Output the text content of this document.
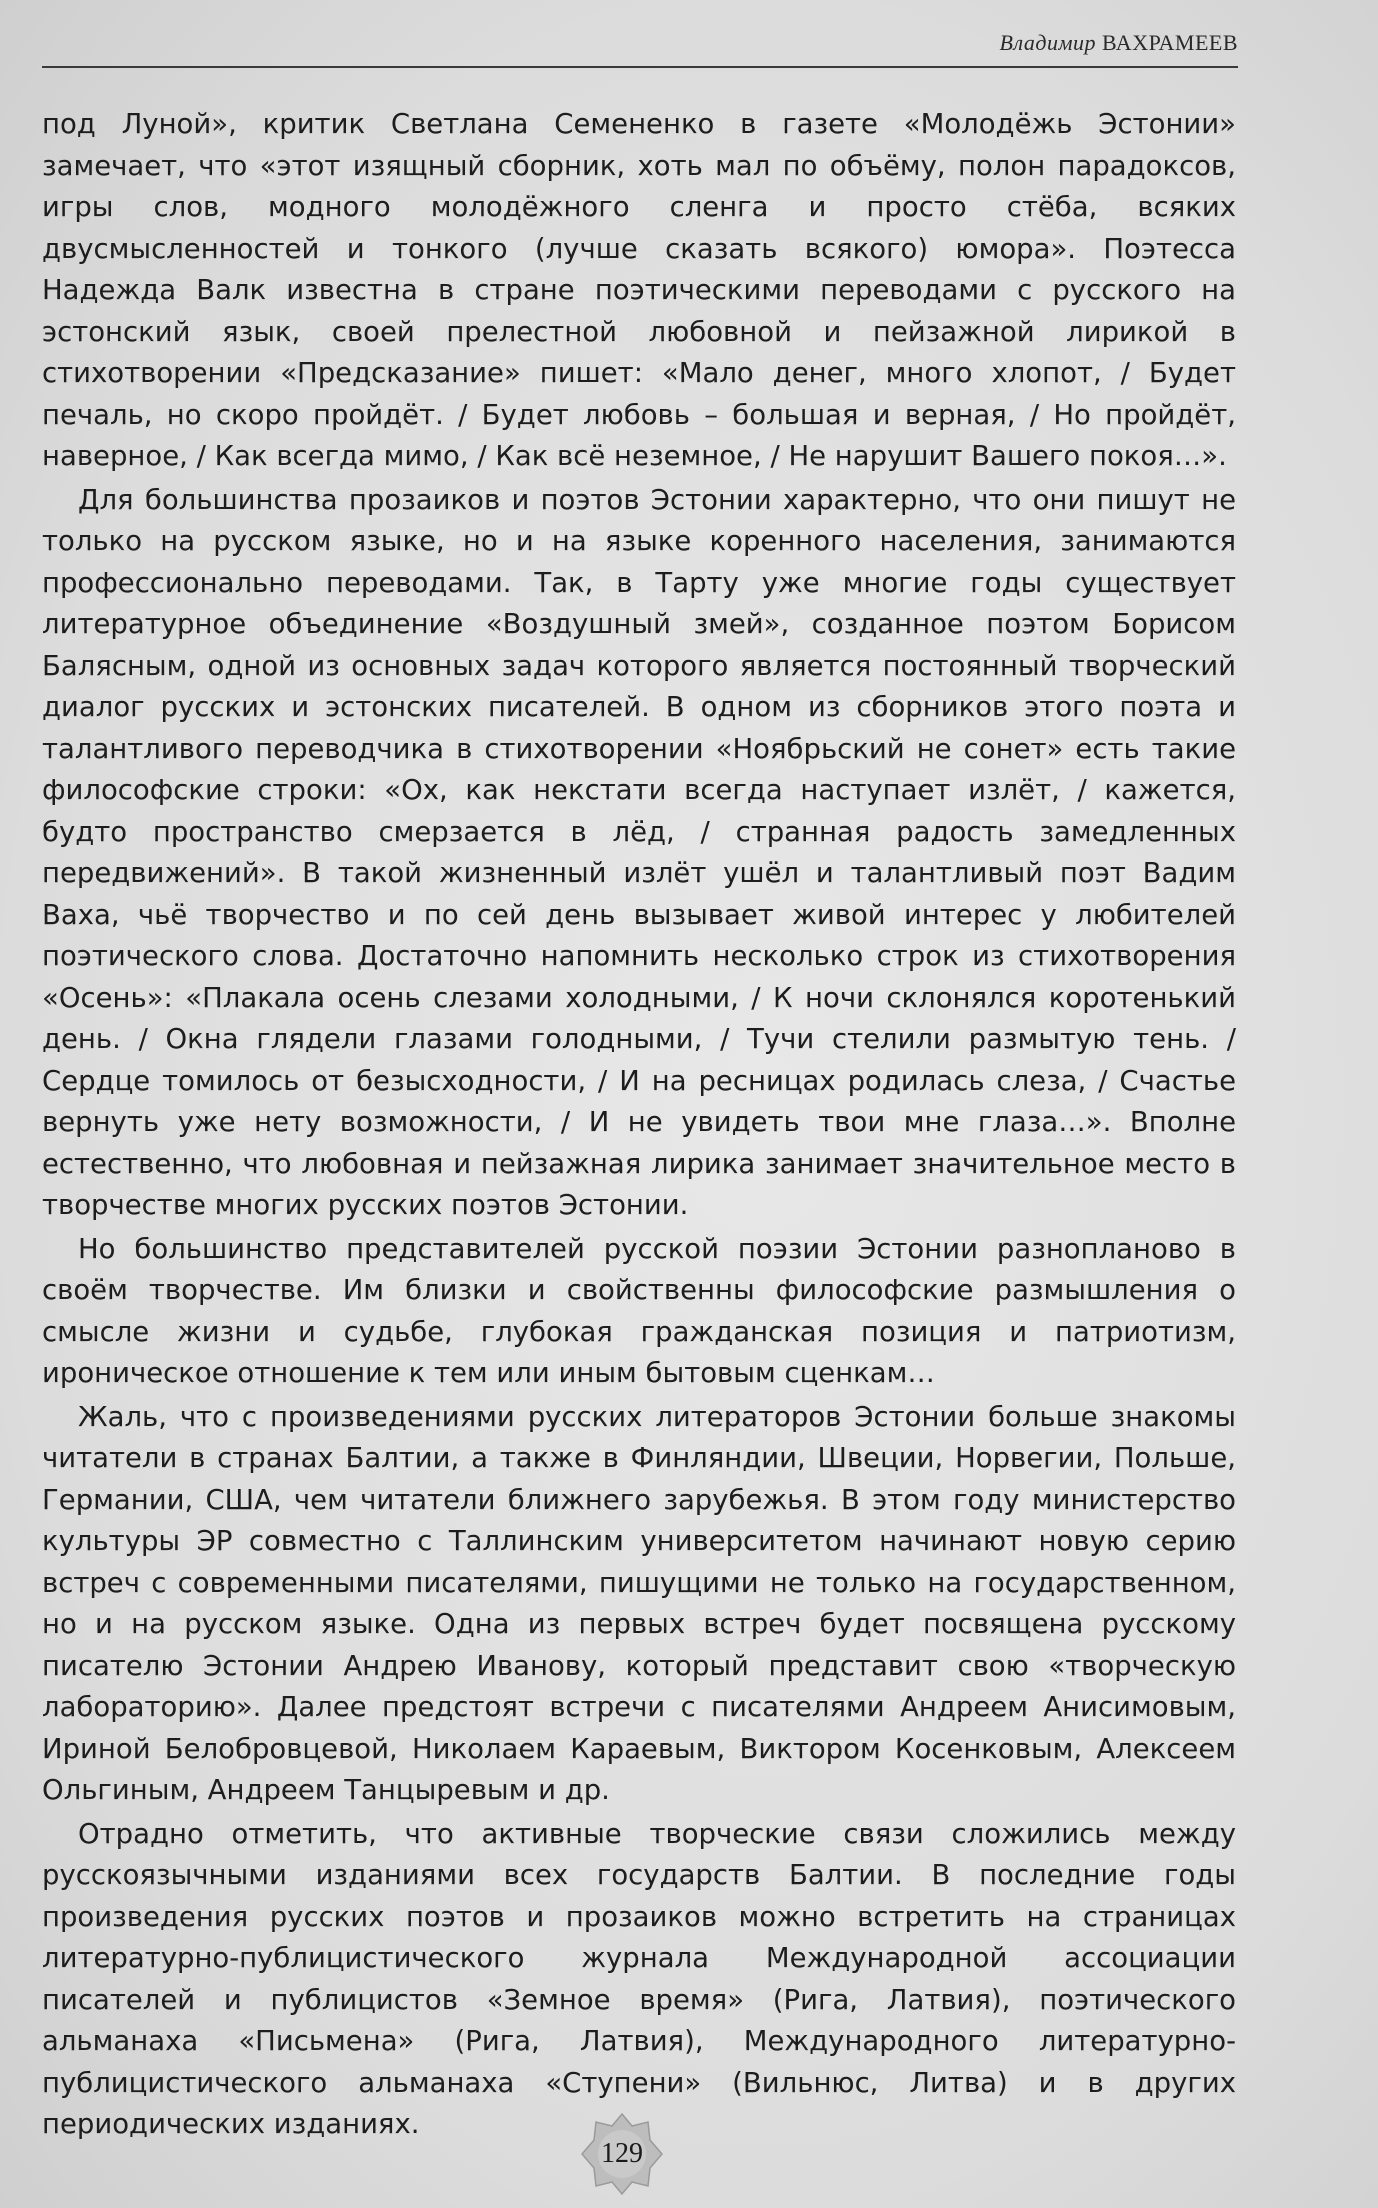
Владимир ВАХРАМЕЕВ

под Луной», критик Светлана Семененко в газете «Молодёжь Эстонии» замечает, что «этот изящный сборник, хоть мал по объёму, полон парадоксов, игры слов, модного молодёжного сленга и просто стёба, всяких двусмысленностей и тонкого (лучше сказать всякого) юмора». Поэтесса Надежда Валк известна в стране поэтическими переводами с русского на эстонский язык, своей прелестной любовной и пейзажной лирикой в стихотворении «Предсказание» пишет: «Мало денег, много хлопот, / Будет печаль, но скоро пройдёт. / Будет любовь – большая и верная, / Но пройдёт, наверное, / Как всегда мимо, / Как всё неземное, / Не нарушит Вашего покоя…».

Для большинства прозаиков и поэтов Эстонии характерно, что они пишут не только на русском языке, но и на языке коренного населения, занимаются профессионально переводами. Так, в Тарту уже многие годы существует литературное объединение «Воздушный змей», созданное поэтом Борисом Балясным, одной из основных задач которого является постоянный творческий диалог русских и эстонских писателей. В одном из сборников этого поэта и талантливого переводчика в стихотворении «Ноябрьский не сонет» есть такие философские строки: «Ох, как некстати всегда наступает излёт, / кажется, будто пространство смерзается в лёд, / странная радость замедленных передвижений». В такой жизненный излёт ушёл и талантливый поэт Вадим Ваха, чьё творчество и по сей день вызывает живой интерес у любителей поэтического слова. Достаточно напомнить несколько строк из стихотворения «Осень»: «Плакала осень слезами холодными, / К ночи склонялся коротенький день. / Окна глядели глазами голодными, / Тучи стелили размытую тень. / Сердце томилось от безысходности, / И на ресницах родилась слеза, / Счастье вернуть уже нету возможности, / И не увидеть твои мне глаза…». Вполне естественно, что любовная и пейзажная лирика занимает значительное место в творчестве многих русских поэтов Эстонии.

Но большинство представителей русской поэзии Эстонии разнопланово в своём творчестве. Им близки и свойственны философские размышления о смысле жизни и судьбе, глубокая гражданская позиция и патриотизм, ироническое отношение к тем или иным бытовым сценкам…

Жаль, что с произведениями русских литераторов Эстонии больше знакомы читатели в странах Балтии, а также в Финляндии, Швеции, Норвегии, Польше, Германии, США, чем читатели ближнего зарубежья. В этом году министерство культуры ЭР совместно с Таллинским университетом начинают новую серию встреч с современными писателями, пишущими не только на государственном, но и на русском языке. Одна из первых встреч будет посвящена русскому писателю Эстонии Андрею Иванову, который представит свою «творческую лабораторию». Далее предстоят встречи с писателями Андреем Анисимовым, Ириной Белобровцевой, Николаем Караевым, Виктором Косенковым, Алексеем Ольгиным, Андреем Танцыревым и др.

Отрадно отметить, что активные творческие связи сложились между русскоязычными изданиями всех государств Балтии. В последние годы произведения русских поэтов и прозаиков можно встретить на страницах литературно-публицистического журнала Международной ассоциации писателей и публицистов «Земное время» (Рига, Латвия), поэтического альманаха «Письмена» (Рига, Латвия), Международного литературно-публицистического альманаха «Ступени» (Вильнюс, Литва) и в других периодических изданиях.

129
